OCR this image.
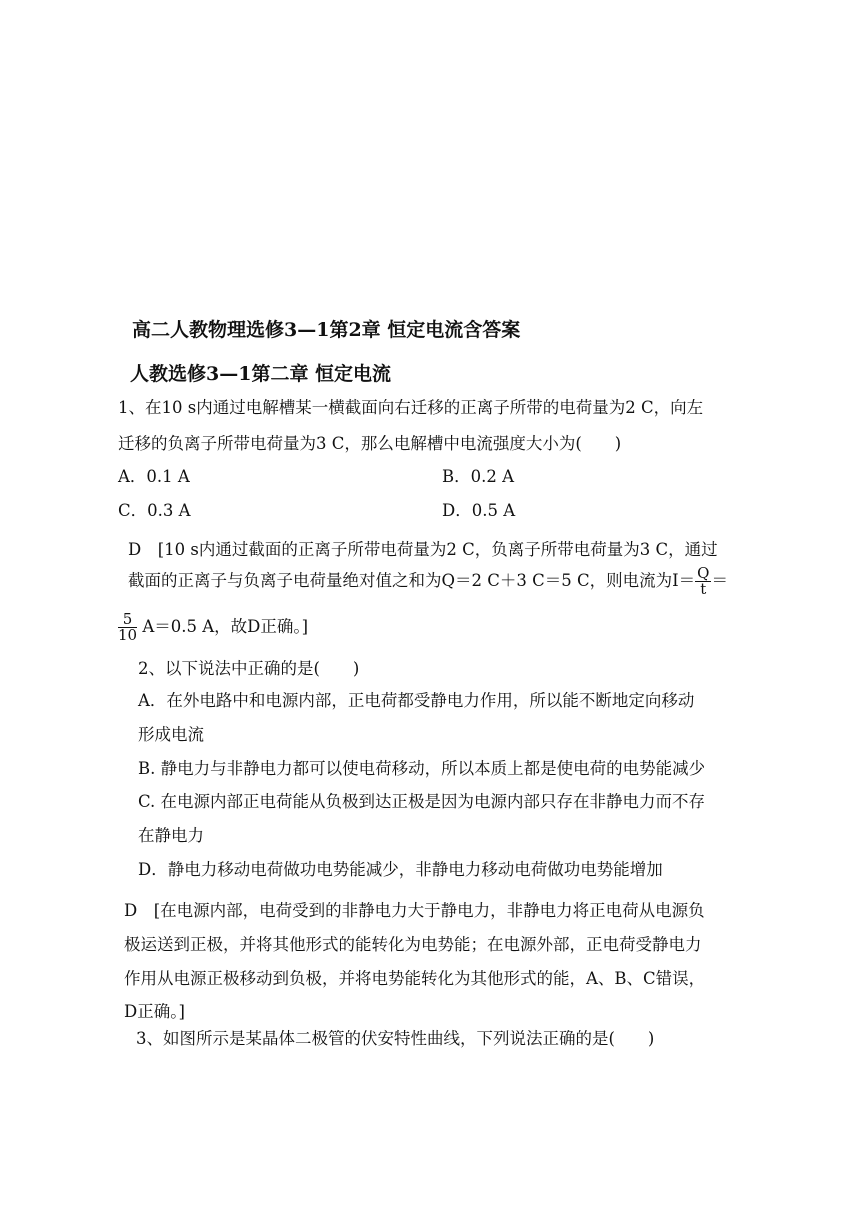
高二人教物理选修3—1第2章 恒定电流含答案
人教选修3—1第二章 恒定电流
1、在10 s内通过电解槽某一横截面向右迁移的正离子所带的电荷量为2 C，向左
迁移的负离子所带电荷量为3 C，那么电解槽中电流强度大小为(　　)
A．0.1 A	B．0.2 A
C．0.3 A	D．0.5 A
D　[10 s内通过截面的正离子所带电荷量为2 C，负离子所带电荷量为3 C，通过
截面的正离子与负离子电荷量绝对值之和为Q＝2 C＋3 C＝5 C，则电流为$I= \frac{Q}{t}$ ＝
$\frac{5}{10} A=0.5$ A，故D正确。]
2、以下说法中正确的是(　　)
A．在外电路中和电源内部，正电荷都受静电力作用，所以能不断地定向移动
形成电流
B. 静电力与非静电力都可以使电荷移动，所以本质上都是使电荷的电势能减少
C. 在电源内部正电荷能从负极到达正极是因为电源内部只存在非静电力而不存
在静电力
D．静电力移动电荷做功电势能减少，非静电力移动电荷做功电势能增加
D　[在电源内部，电荷受到的非静电力大于静电力，非静电力将正电荷从电源负
极运送到正极，并将其他形式的能转化为电势能；在电源外部，正电荷受静电力
作用从电源正极移动到负极，并将电势能转化为其他形式的能，A、B、C错误，
D正确。]
3、如图所示是某晶体二极管的伏安特性曲线，下列说法正确的是(　　)
